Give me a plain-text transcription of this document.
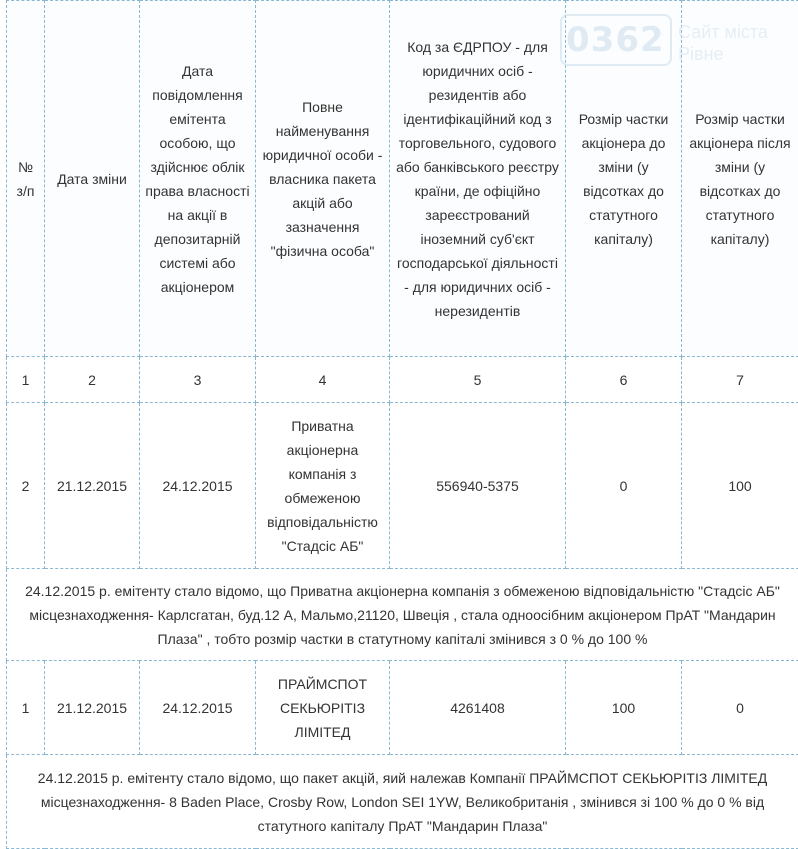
№ з/п	Дата зміни	Дата повідомлення емітента особою, що здійснює облік права власності на акції в депозитарній системі або акціонером	Повне найменування юридичної особи - власника пакета акцій або зазначення "фізична особа"	Код за ЄДРПОУ - для юридичних осіб - резидентів або ідентифікаційний код з торговельного, судового або банківського реєстру країни, де офіційно зареєстрований іноземний суб'єкт господарської діяльності - для юридичних осіб - нерезидентів	Розмір частки акціонера до зміни (у відсотках до статутного капіталу)	Розмір частки акціонера після зміни (у відсотках до статутного капіталу)
1	2	3	4	5	6	7
2	21.12.2015	24.12.2015	Приватна акціонерна компанія з обмеженою відповідальністю "Стадсіс АБ"	556940-5375	0	100
24.12.2015 р. емітенту стало відомо, що Приватна акціонерна компанія з обмеженою відповідальністю "Стадсіс АБ" місцезнаходження- Карлсгатан, буд.12 А, Мальмо,21120, Швеція , стала одноосібним акціонером ПрАТ "Мандарин Плаза" , тобто розмір частки в статутному капіталі змінився з 0 % до 100 %						
1	21.12.2015	24.12.2015	ПРАЙМСПОТ СЕКЬЮРІТІЗ ЛІМІТЕД	4261408	100	0
24.12.2015 р. емітенту стало відомо, що пакет акцій, яий належав Компанії ПРАЙМСПОТ СЕКЬЮРІТІЗ ЛІМІТЕД місцезнаходження- 8 Baden Place, Crosby Row, London SEI 1YW, Великобританія , змінився зі 100 % до 0 % від статутного капіталу ПрАТ "Мандарин Плаза"						
0362 Сайт міста
Рівне
